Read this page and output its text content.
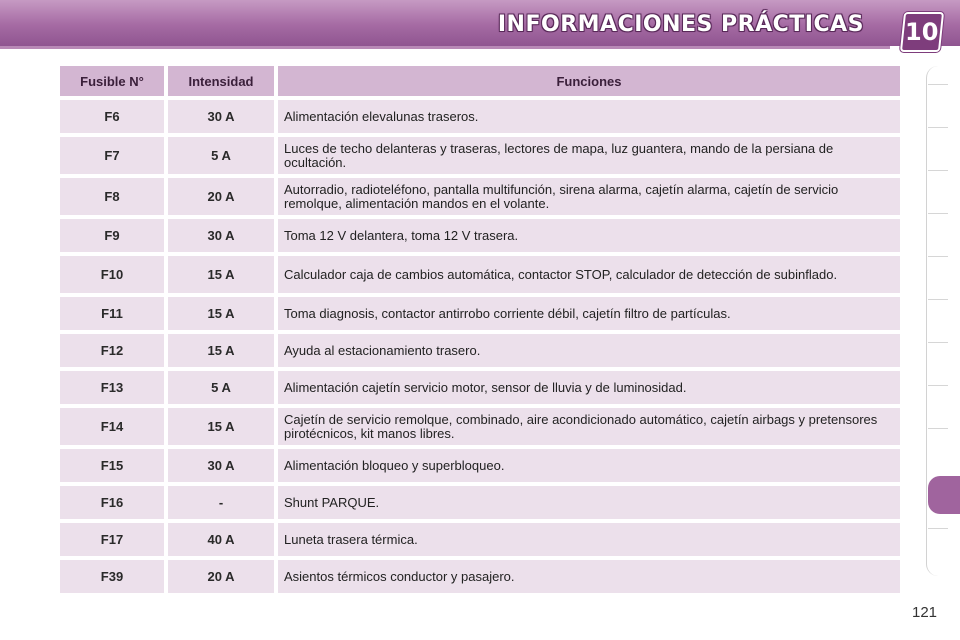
INFORMACIONES PRÁCTICAS 10
Fusible N°	Intensidad	Funciones
F6	30 A	Alimentación elevalunas traseros.
F7	5 A	Luces de techo delanteras y traseras, lectores de mapa, luz guantera, mando de la persiana de ocultación.
F8	20 A	Autorradio, radioteléfono, pantalla multifunción, sirena alarma, cajetín alarma, cajetín de servicio remolque, alimentación mandos en el volante.
F9	30 A	Toma 12 V delantera, toma 12 V trasera.
F10	15 A	Calculador caja de cambios automática, contactor STOP, calculador de detección de subinflado.
F11	15 A	Toma diagnosis, contactor antirrobo corriente débil, cajetín filtro de partículas.
F12	15 A	Ayuda al estacionamiento trasero.
F13	5 A	Alimentación cajetín servicio motor, sensor de lluvia y de luminosidad.
F14	15 A	Cajetín de servicio remolque, combinado, aire acondicionado automático, cajetín airbags y pretensores pirotécnicos, kit manos libres.
F15	30 A	Alimentación bloqueo y superbloqueo.
F16	-	Shunt PARQUE.
F17	40 A	Luneta trasera térmica.
F39	20 A	Asientos térmicos conductor y pasajero.
121
